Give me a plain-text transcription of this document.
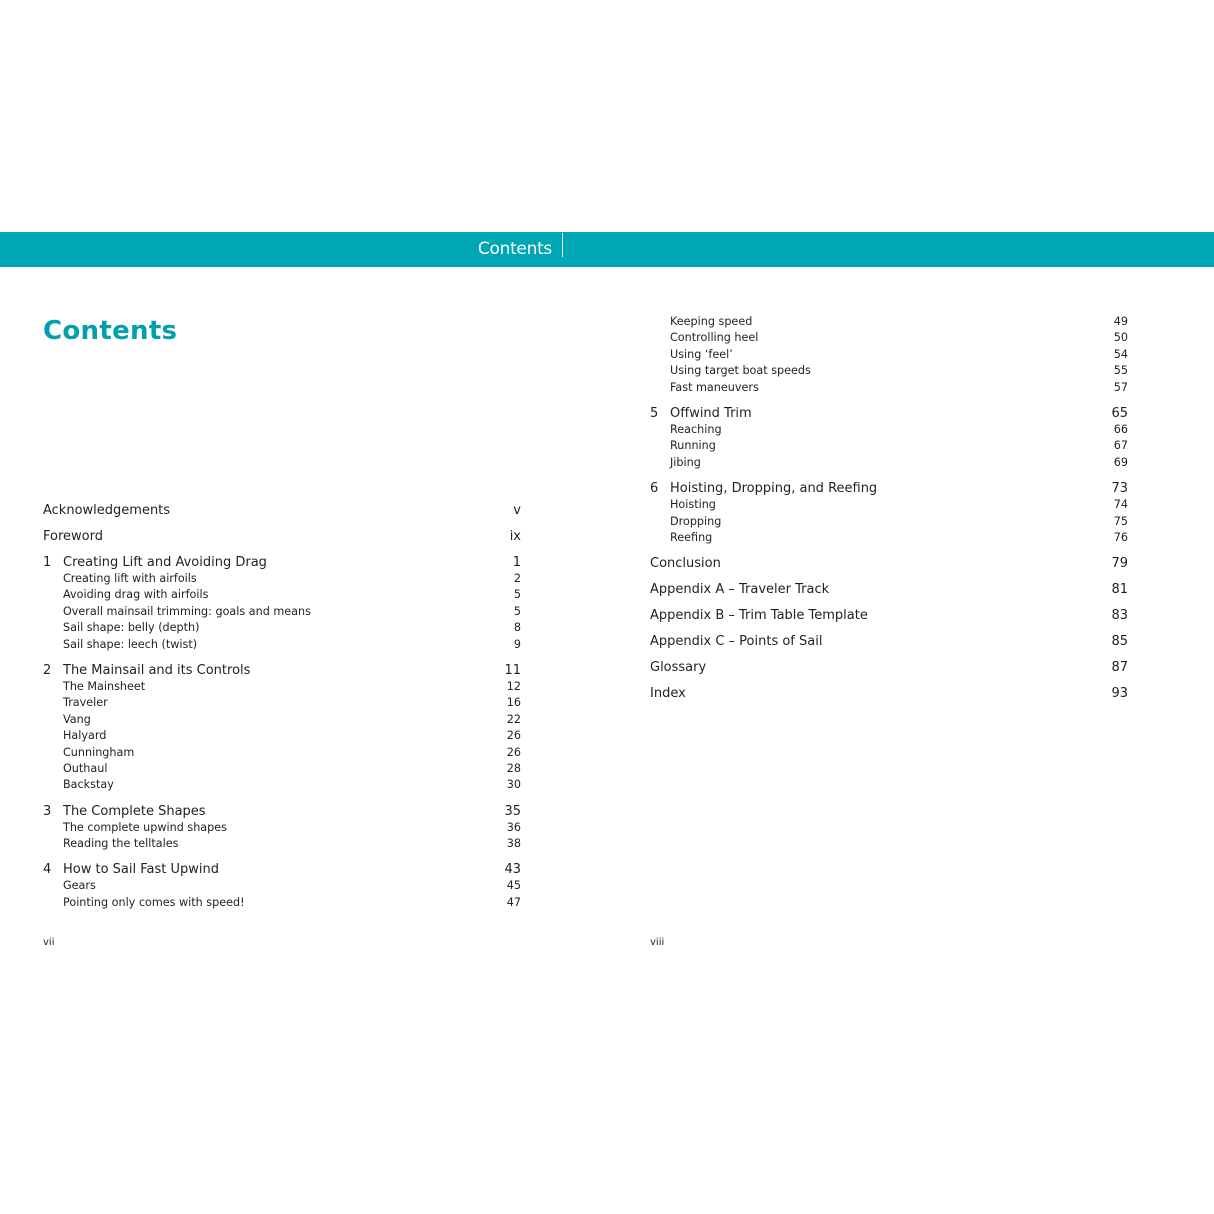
Contents
Contents
Acknowledgements	v
Foreword	ix
1 Creating Lift and Avoiding Drag	1
Creating lift with airfoils	2
Avoiding drag with airfoils	5
Overall mainsail trimming: goals and means	5
Sail shape: belly (depth)	8
Sail shape: leech (twist)	9
2 The Mainsail and its Controls	11
The Mainsheet	12
Traveler	16
Vang	22
Halyard	26
Cunningham	26
Outhaul	28
Backstay	30
3 The Complete Shapes	35
The complete upwind shapes	36
Reading the telltales	38
4 How to Sail Fast Upwind	43
Gears	45
Pointing only comes with speed!	47
Keeping speed	49
Controlling heel	50
Using ‘feel’	54
Using target boat speeds	55
Fast maneuvers	57
5 Offwind Trim	65
Reaching	66
Running	67
Jibing	69
6 Hoisting, Dropping, and Reefing	73
Hoisting	74
Dropping	75
Reefing	76
Conclusion	79
Appendix A – Traveler Track	81
Appendix B – Trim Table Template	83
Appendix C – Points of Sail	85
Glossary	87
Index	93
vii	viii
